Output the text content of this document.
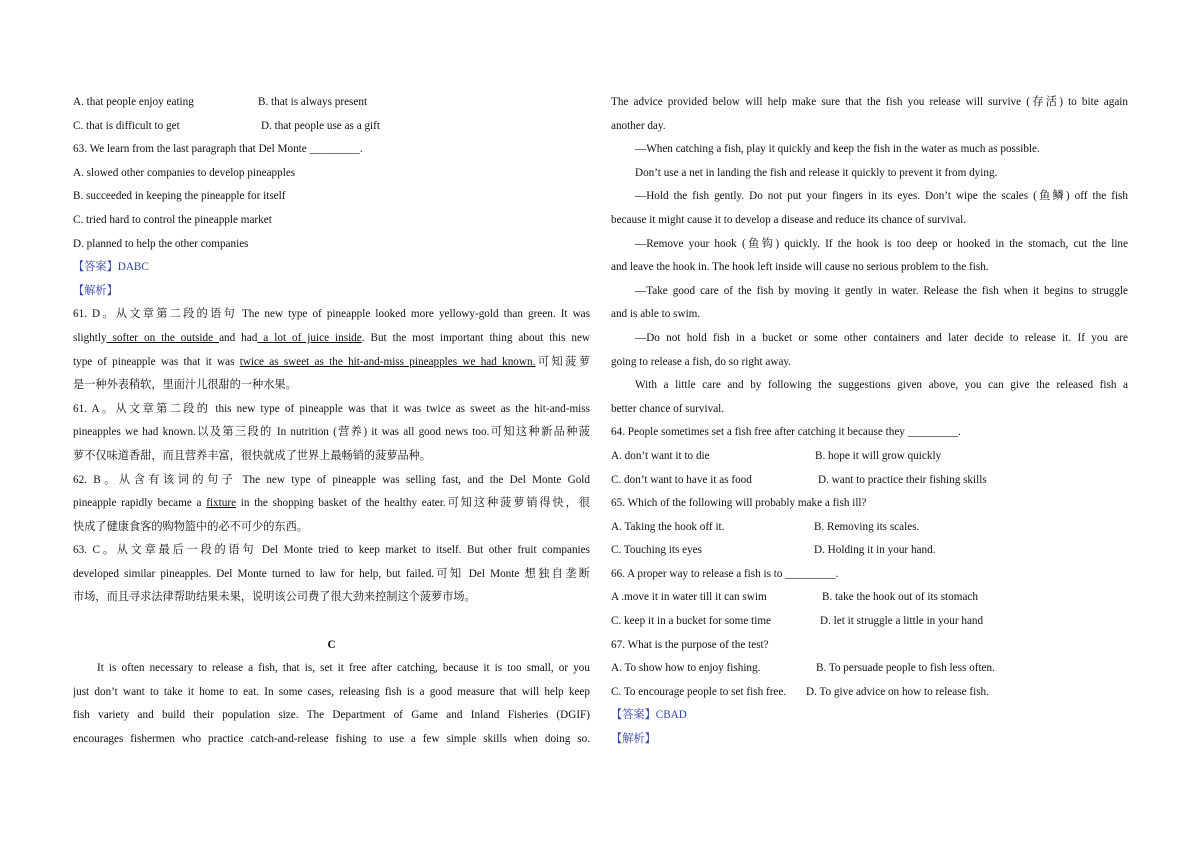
A. that people enjoy eating	B. that is always present
C. that is difficult to get	D. that people use as a gift
63. We learn from the last paragraph that Del Monte _________.
A. slowed other companies to develop pineapples
B. succeeded in keeping the pineapple for itself
C. tried hard to control the pineapple market
D. planned to help the other companies
【答案】DABC
【解析】
61. D。从文章第二段的语句 The new type of pineapple looked more yellowy-gold than green. It was
slightly softer on the outside and had a lot of juice inside. But the most important thing about this new
type of pineapple was that it was twice as sweet as the hit-and-miss pineapples we had known.可知菠萝
是一种外表稍软，里面汁儿很甜的一种水果。
61. A。从文章第二段的 this new type of pineapple was that it was twice as sweet as the hit-and-miss
pineapples we had known.以及第三段的 In nutrition (营养) it was all good news too.可知这种新品种菠
萝不仅味道香甜，而且营养丰富，很快就成了世界上最畅销的菠萝品种。
62. B。从含有该词的句子 The new type of pineapple was selling fast, and the Del Monte Gold
pineapple rapidly became a fixture in the shopping basket of the healthy eater.可知这种菠萝销得快，很
快成了健康食客的购物篮中的必不可少的东西。
63. C。从文章最后一段的语句 Del Monte tried to keep market to itself. But other fruit companies
developed similar pineapples. Del Monte turned to law for help, but failed.可知 Del Monte 想独自垄断
市场，而且寻求法律帮助结果未果，说明该公司费了很大劲来控制这个菠萝市场。
C
It is often necessary to release a fish, that is, set it free after catching, because it is too small, or you
just don’t want to take it home to eat. In some cases, releasing fish is a good measure that will help keep
fish variety and build their population size. The Department of Game and Inland Fisheries (DGIF)
encourages fishermen who practice catch-and-release fishing to use a few simple skills when doing so.
The advice provided below will help make sure that the fish you release will survive (存活) to bite again
another day.
—When catching a fish, play it quickly and keep the fish in the water as much as possible.
Don’t use a net in landing the fish and release it quickly to prevent it from dying.
—Hold the fish gently. Do not put your fingers in its eyes. Don’t wipe the scales (鱼鳞) off the fish
because it might cause it to develop a disease and reduce its chance of survival.
—Remove your hook (鱼钩) quickly. If the hook is too deep or hooked in the stomach, cut the line
and leave the hook in. The hook left inside will cause no serious problem to the fish.
—Take good care of the fish by moving it gently in water. Release the fish when it begins to struggle
and is able to swim.
—Do not hold fish in a bucket or some other containers and later decide to release it. If you are
going to release a fish, do so right away.
With a little care and by following the suggestions given above, you can give the released fish a
better chance of survival.
64. People sometimes set a fish free after catching it because they _________.
A. don’t want it to die	B. hope it will grow quickly
C. don’t want to have it as food	D. want to practice their fishing skills
65. Which of the following will probably make a fish ill?
A. Taking the hook off it.	B. Removing its scales.
C. Touching its eyes	D. Holding it in your hand.
66. A proper way to release a fish is to _________.
A .move it in water till it can swim	B. take the hook out of its stomach
C. keep it in a bucket for some time	D. let it struggle a little in your hand
67. What is the purpose of the test?
A. To show how to enjoy fishing.	B. To persuade people to fish less often.
C. To encourage people to set fish free.	D. To give advice on how to release fish.
【答案】CBAD
【解析】
